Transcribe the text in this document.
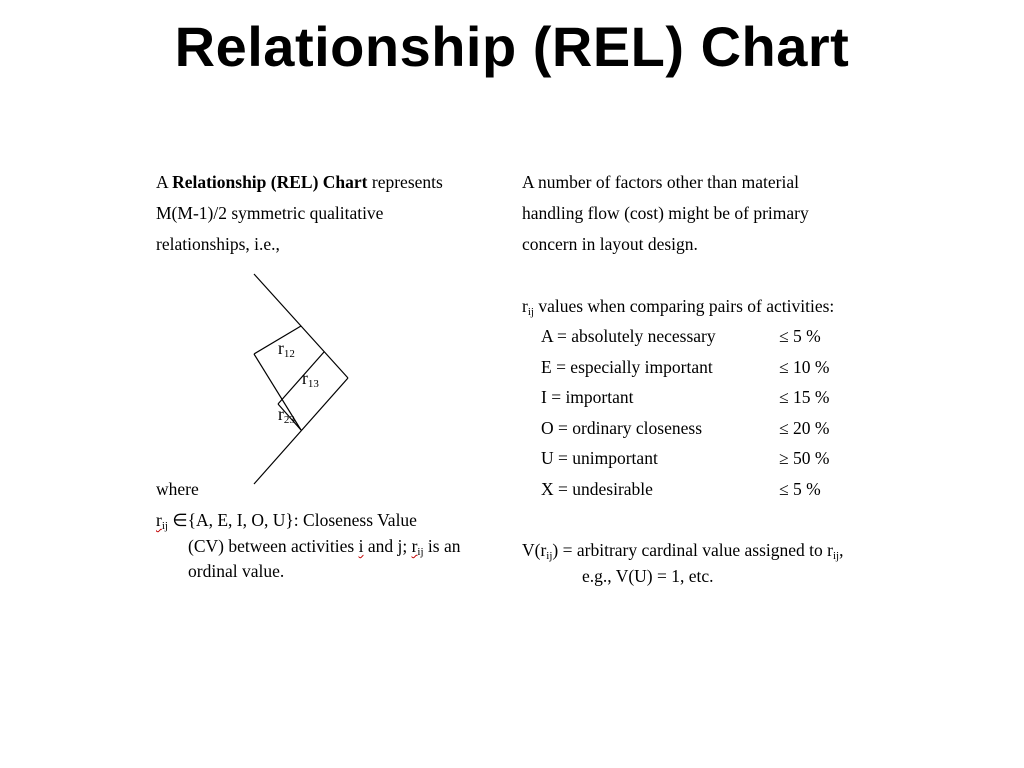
Relationship (REL) Chart
A Relationship (REL) Chart represents
M(M-1)/2 symmetric qualitative
relationships, i.e.,
$r_{12}$
$r_{13}$
$r_{23}$
where
$r_{ij}$ ∈{A, E, I, O, U}: Closeness Value
(CV) between activities i and j; $r_{ij}$ is an
ordinal value.
A number of factors other than material
handling flow (cost) might be of primary
concern in layout design.
$r_{ij}$ values when comparing pairs of activities:
A = absolutely necessary	≤ 5 %
E = especially important	≤ 10 %
I = important	≤ 15 %
O = ordinary closeness	≤ 20 %
U = unimportant	≥ 50 %
X = undesirable	≤ 5 %
$V(r_{ij})$ = arbitrary cardinal value assigned to $r_{ij}$,
e.g., V(U) = 1, etc.
